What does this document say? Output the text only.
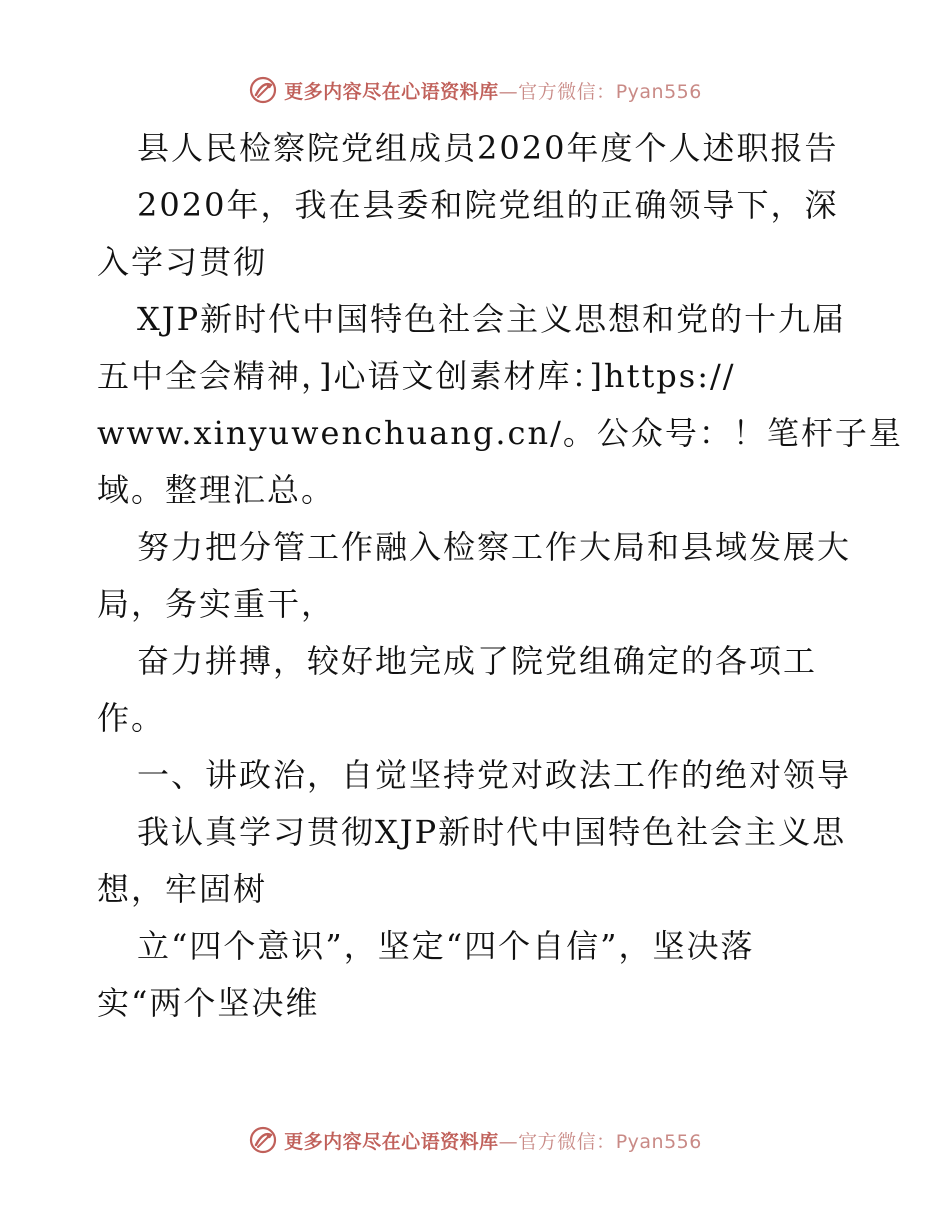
更多内容尽在心语资料库—官方微信：Pyan556
县人民检察院党组成员2020年度个人述职报告
2020年，我在县委和院党组的正确领导下，深
入学习贯彻
XJP新时代中国特色社会主义思想和党的十九届
五中全会精神，]心语文创素材库：]https://
www.xinyuwenchuang.cn/。公众号：！笔杆子星
域。整理汇总。
努力把分管工作融入检察工作大局和县域发展大
局，务实重干，
奋力拼搏，较好地完成了院党组确定的各项工
作。
一、讲政治，自觉坚持党对政法工作的绝对领导
我认真学习贯彻XJP新时代中国特色社会主义思
想，牢固树
立“四个意识”，坚定“四个自信”，坚决落
实“两个坚决维
更多内容尽在心语资料库—官方微信：Pyan556
